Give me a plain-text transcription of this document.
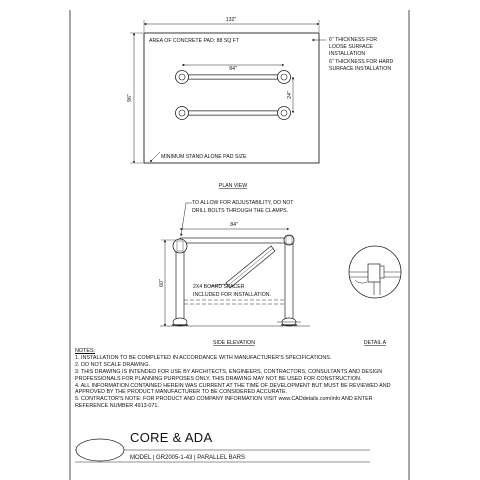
132"
96"
AREA OF CONCRETE PAD: 88 SQ FT
84"
24"
6" THICKNESS FOR LOOSE SURFACE INSTALLATION 6" THICKNESS FOR HARD SURFACE INSTALLATION
MINIMUM STAND ALONE PAD SIZE
PLAN VIEW
TO ALLOW FOR ADJUSTABILITY, DO NOT DRILL BOLTS THROUGH THE CLAMPS.
84"
60"
2X4 BOARD SPACER INCLUDED FOR INSTALLATION.
SIDE ELEVATION	DETAIL A
NOTES:
1. INSTALLATION TO BE COMPLETED IN ACCORDANCE WITH MANUFACTURER'S SPECIFICATIONS.
2. DO NOT SCALE DRAWING.
3. THIS DRAWING IS INTENDED FOR USE BY ARCHITECTS, ENGINEERS, CONTRACTORS, CONSULTANTS AND DESIGN
PROFESSIONALS FOR PLANNING PURPOSES ONLY. THIS DRAWING MAY NOT BE USED FOR CONSTRUCTION.
4. ALL INFORMATION CONTAINED HEREIN WAS CURRENT AT THE TIME OF DEVELOPMENT BUT MUST BE REVIEWED AND
APPROVED BY THE PRODUCT MANUFACTURER TO BE CONSIDERED ACCURATE.
5. CONTRACTOR'S NOTE: FOR PRODUCT AND COMPANY INFORMATION VISIT www.CADdetails.com/info AND ENTER
REFERENCE NUMBER 4913-071.
CORE & ADA
MODEL | GR2005-1-43 | PARALLEL BARS
